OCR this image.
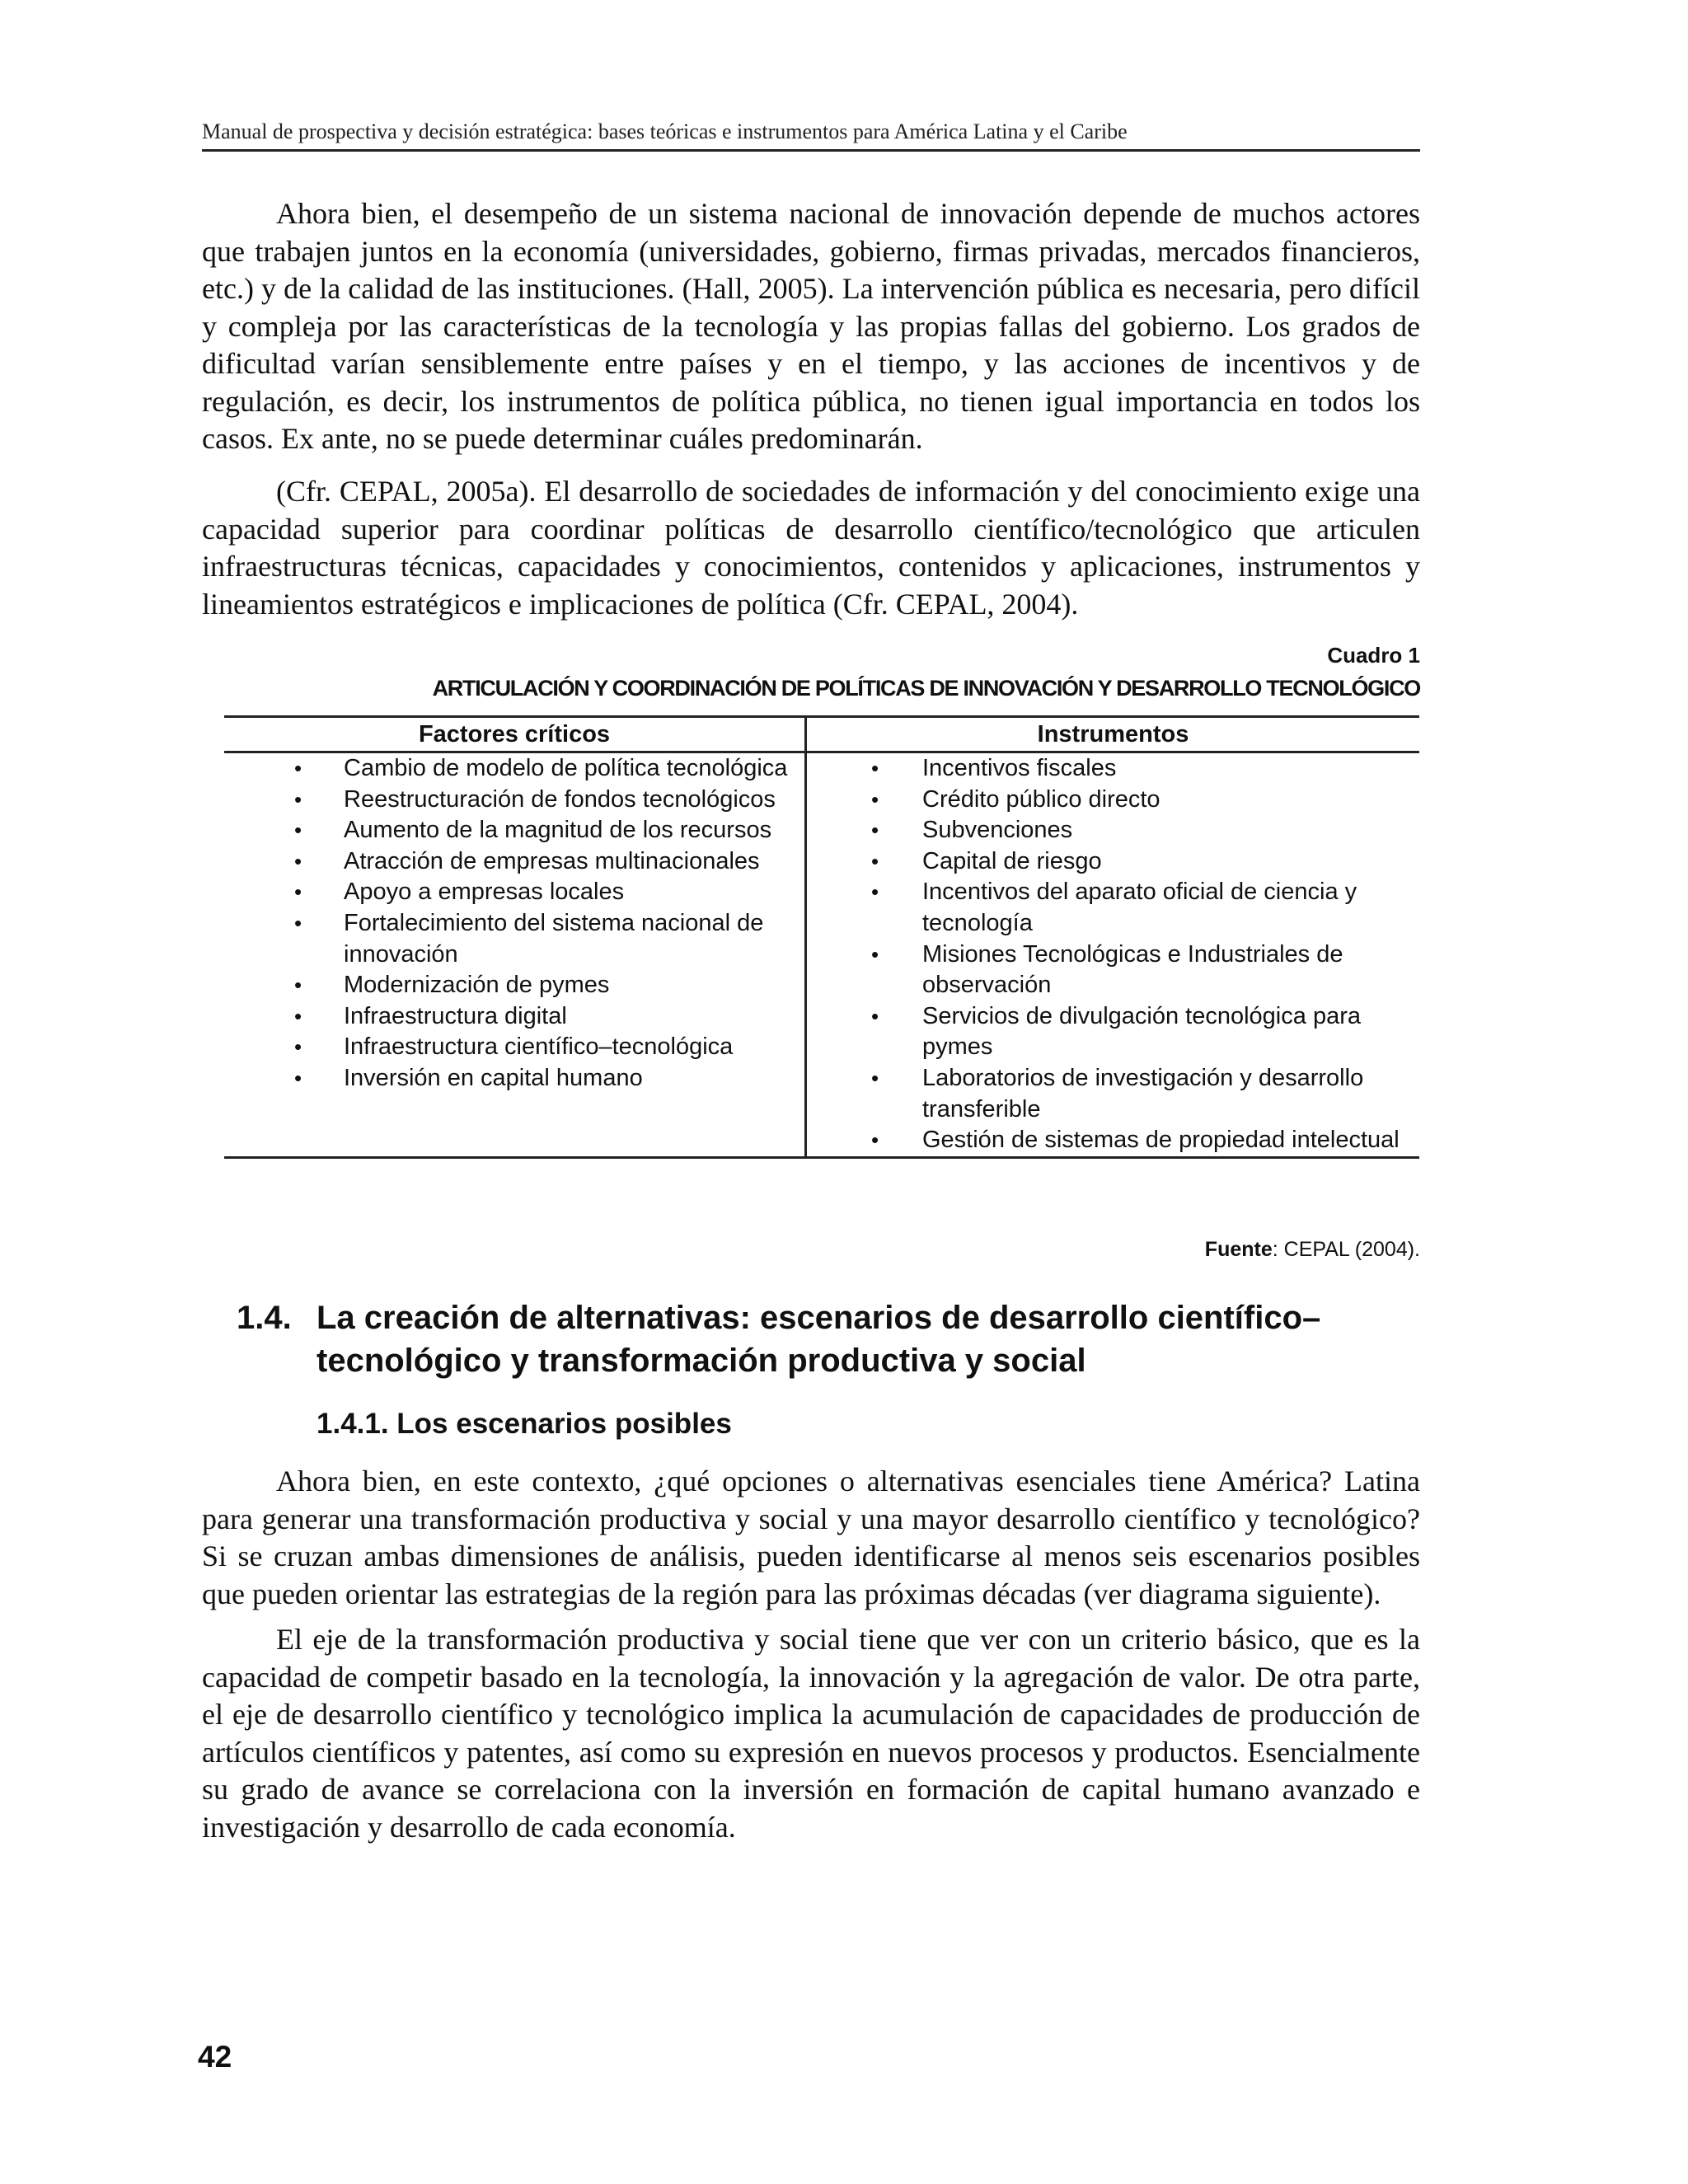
Manual de prospectiva y decisión estratégica: bases teóricas e instrumentos para América Latina y el Caribe

Ahora bien, el desempeño de un sistema nacional de innovación depende de muchos actores que trabajen juntos en la economía (universidades, gobierno, firmas privadas, mercados financieros, etc.) y de la calidad de las instituciones. (Hall, 2005). La intervención pública es necesaria, pero difícil y compleja por las características de la tecnología y las propias fallas del gobierno. Los grados de dificultad varían sensiblemente entre países y en el tiempo, y las acciones de incentivos y de regulación, es decir, los instrumentos de política pública, no tienen igual importancia en todos los casos. Ex ante, no se puede determinar cuáles predominarán.

(Cfr. CEPAL, 2005a). El desarrollo de sociedades de información y del conocimiento exige una capacidad superior para coordinar políticas de desarrollo científico/tecnológico que articulen infraestructuras técnicas, capacidades y conocimientos, contenidos y aplicaciones, instrumentos y lineamientos estratégicos e implicaciones de política (Cfr. CEPAL, 2004).

Cuadro 1
ARTICULACIÓN Y COORDINACIÓN DE POLÍTICAS DE INNOVACIÓN Y DESARROLLO TECNOLÓGICO
Factores críticos	Instrumentos
• Cambio de modelo de política tecnológica
• Reestructuración de fondos tecnológicos
• Aumento de la magnitud de los recursos
• Atracción de empresas multinacionales
• Apoyo a empresas locales
• Fortalecimiento del sistema nacional de innovación
• Modernización de pymes
• Infraestructura digital
• Infraestructura científico–tecnológica
• Inversión en capital humano
• Incentivos fiscales
• Crédito público directo
• Subvenciones
• Capital de riesgo
• Incentivos del aparato oficial de ciencia y tecnología
• Misiones Tecnológicas e Industriales de observación
• Servicios de divulgación tecnológica para pymes
• Laboratorios de investigación y desarrollo transferible
• Gestión de sistemas de propiedad intelectual
Fuente: CEPAL (2004).
1.4. La creación de alternativas: escenarios de desarrollo científico–tecnológico y transformación productiva y social
1.4.1. Los escenarios posibles

Ahora bien, en este contexto, ¿qué opciones o alternativas esenciales tiene América? Latina para generar una transformación productiva y social y una mayor desarrollo científico y tecnológico? Si se cruzan ambas dimensiones de análisis, pueden identificarse al menos seis escenarios posibles que pueden orientar las estrategias de la región para las próximas décadas (ver diagrama siguiente).

El eje de la transformación productiva y social tiene que ver con un criterio básico, que es la capacidad de competir basado en la tecnología, la innovación y la agregación de valor. De otra parte, el eje de desarrollo científico y tecnológico implica la acumulación de capacidades de producción de artículos científicos y patentes, así como su expresión en nuevos procesos y productos. Esencialmente su grado de avance se correlaciona con la inversión en formación de capital humano avanzado e investigación y desarrollo de cada economía.

42
